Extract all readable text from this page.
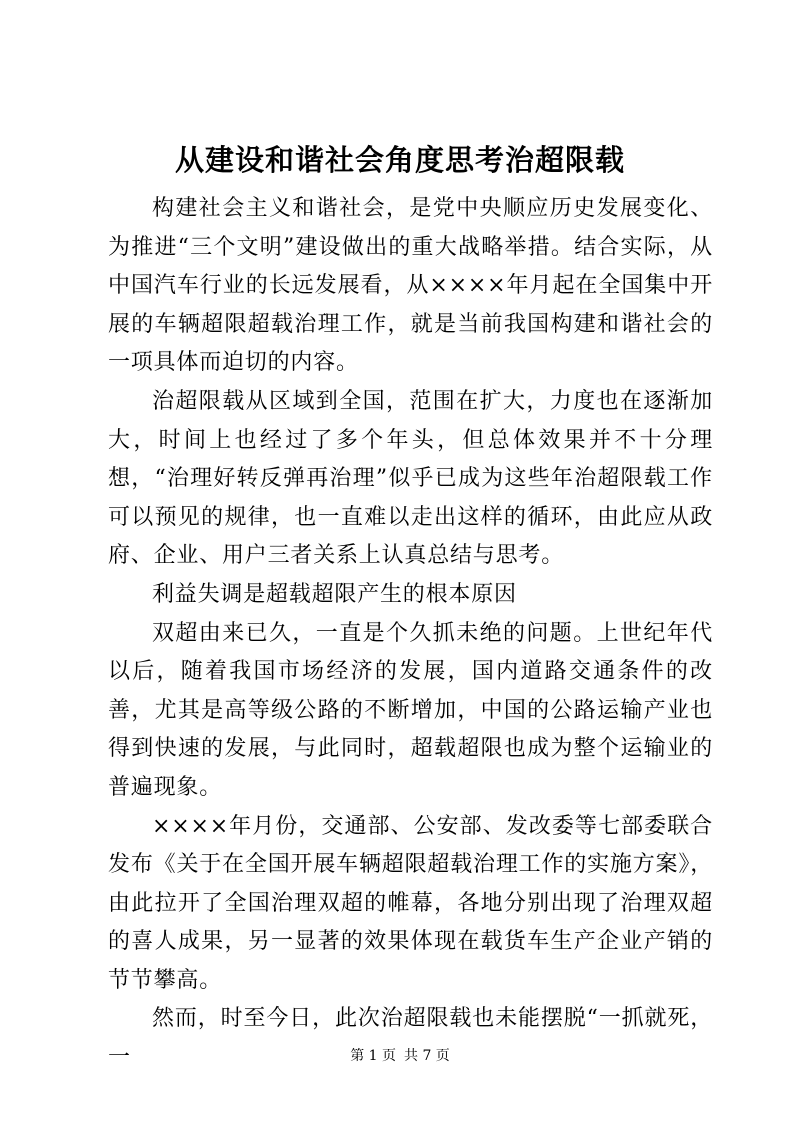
从建设和谐社会角度思考治超限载

构建社会主义和谐社会，是党中央顺应历史发展变化、为推进“三个文明”建设做出的重大战略举措。结合实际，从中国汽车行业的长远发展看，从××××年月起在全国集中开展的车辆超限超载治理工作，就是当前我国构建和谐社会的一项具体而迫切的内容。

治超限载从区域到全国，范围在扩大，力度也在逐渐加大，时间上也经过了多个年头，但总体效果并不十分理想，“治理好转反弹再治理”似乎已成为这些年治超限载工作可以预见的规律，也一直难以走出这样的循环，由此应从政府、企业、用户三者关系上认真总结与思考。

利益失调是超载超限产生的根本原因

双超由来已久，一直是个久抓未绝的问题。上世纪年代以后，随着我国市场经济的发展，国内道路交通条件的改善，尤其是高等级公路的不断增加，中国的公路运输产业也得到快速的发展，与此同时，超载超限也成为整个运输业的普遍现象。

××××年月份，交通部、公安部、发改委等七部委联合发布《关于在全国开展车辆超限超载治理工作的实施方案》，由此拉开了全国治理双超的帷幕，各地分别出现了治理双超的喜人成果，另一显著的效果体现在载货车生产企业产销的节节攀高。

然而，时至今日，此次治超限载也未能摆脱“一抓就死，一	第 1 页 共 7 页
